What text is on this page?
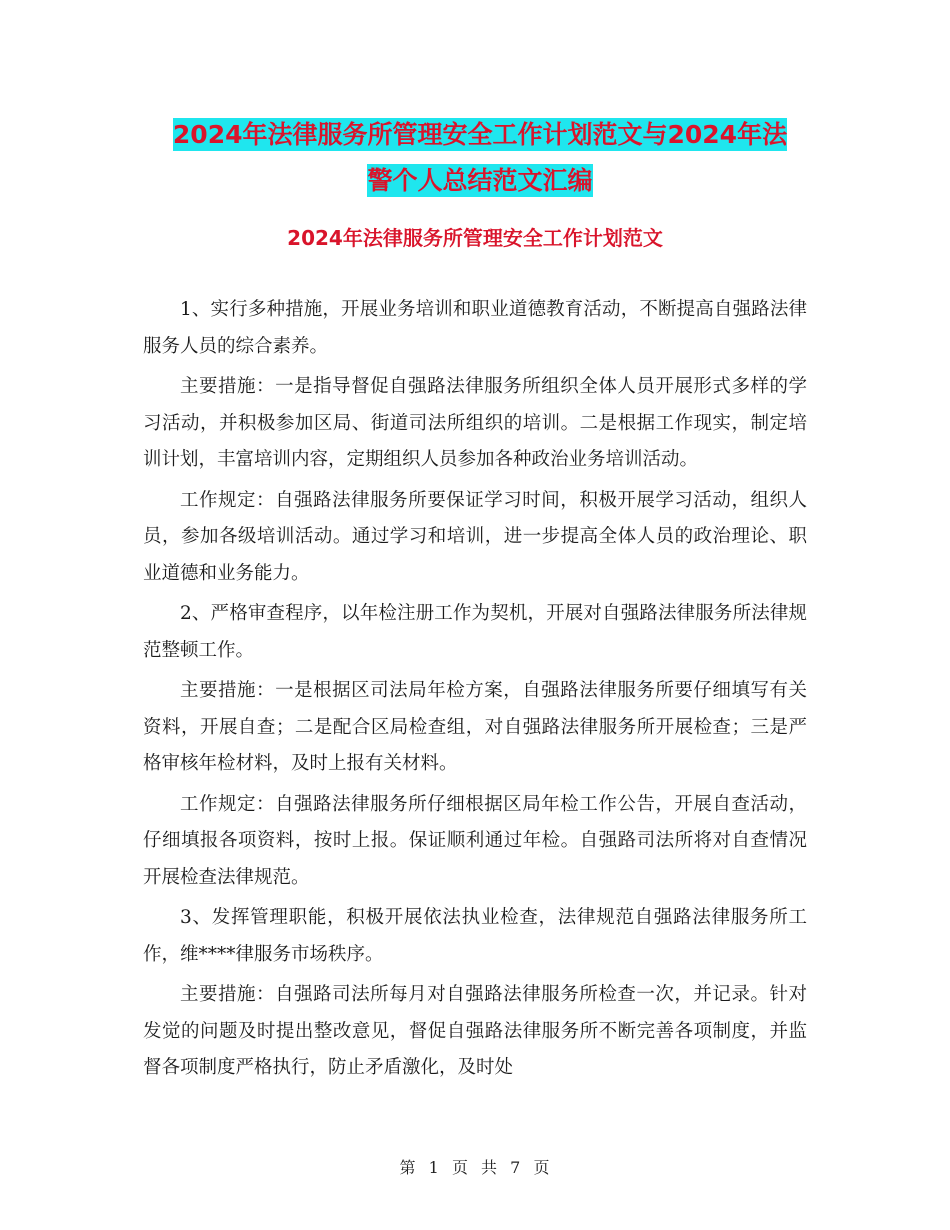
2024年法律服务所管理安全工作计划范文与2024年法
警个人总结范文汇编
2024年法律服务所管理安全工作计划范文

1、实行多种措施，开展业务培训和职业道德教育活动，不断提高自强路法律服务人员的综合素养。

主要措施：一是指导督促自强路法律服务所组织全体人员开展形式多样的学习活动，并积极参加区局、街道司法所组织的培训。二是根据工作现实，制定培训计划，丰富培训内容，定期组织人员参加各种政治业务培训活动。

工作规定：自强路法律服务所要保证学习时间，积极开展学习活动，组织人员，参加各级培训活动。通过学习和培训，进一步提高全体人员的政治理论、职业道德和业务能力。

2、严格审查程序，以年检注册工作为契机，开展对自强路法律服务所法律规范整顿工作。

主要措施：一是根据区司法局年检方案，自强路法律服务所要仔细填写有关资料，开展自查；二是配合区局检查组，对自强路法律服务所开展检查；三是严格审核年检材料，及时上报有关材料。

工作规定：自强路法律服务所仔细根据区局年检工作公告，开展自查活动，仔细填报各项资料，按时上报。保证顺利通过年检。自强路司法所将对自查情况开展检查法律规范。

3、发挥管理职能，积极开展依法执业检查，法律规范自强路法律服务所工作，维****律服务市场秩序。

主要措施：自强路司法所每月对自强路法律服务所检查一次，并记录。针对发觉的问题及时提出整改意见，督促自强路法律服务所不断完善各项制度，并监督各项制度严格执行，防止矛盾激化，及时处

第 1 页 共 7 页
